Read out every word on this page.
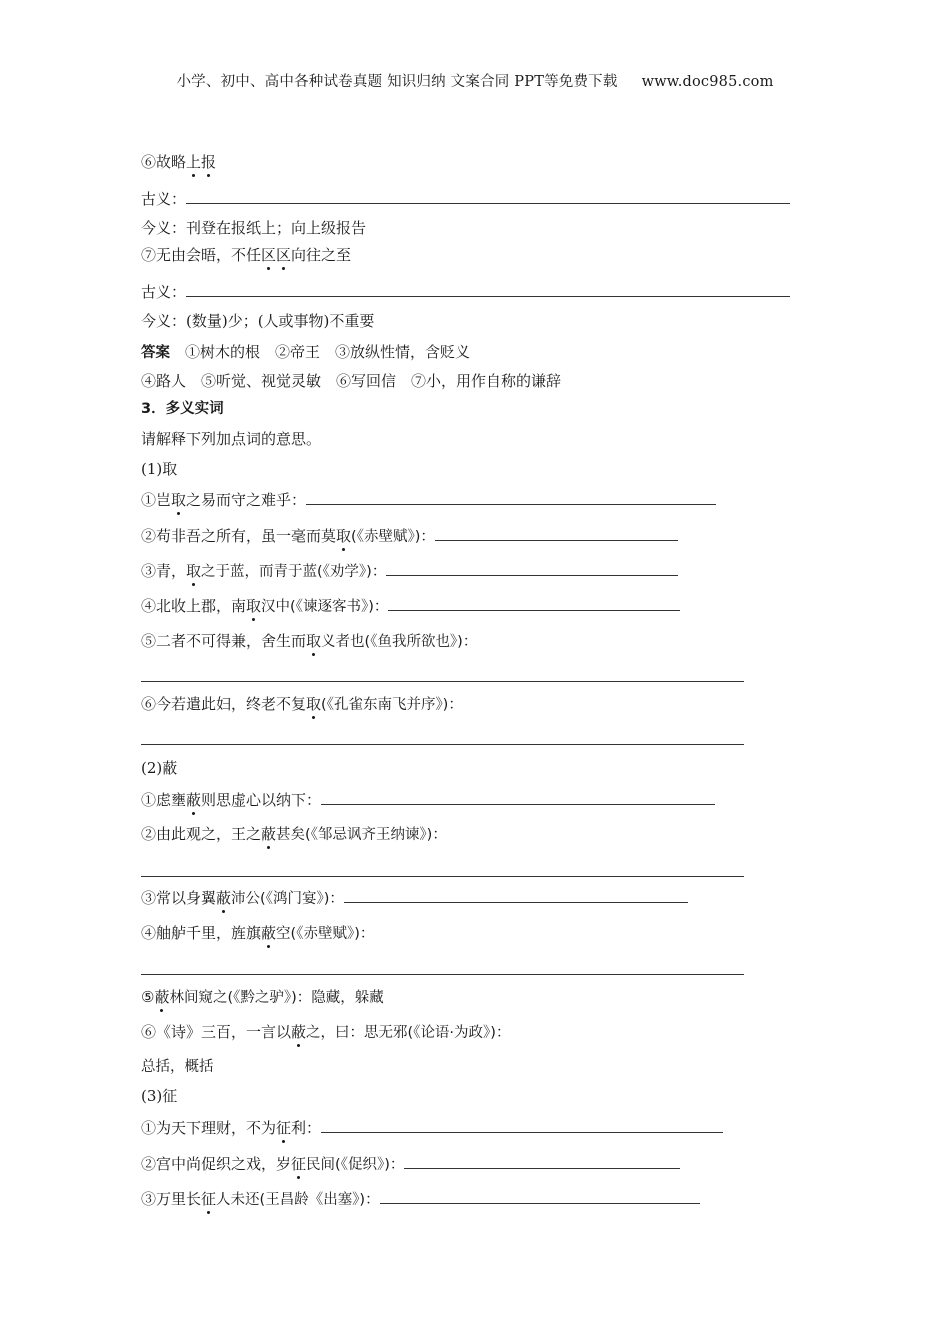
小学、初中、高中各种试卷真题 知识归纳 文案合同 PPT等免费下载 www.doc985.com
⑥故略上报
古义：
今义：刊登在报纸上；向上级报告
⑦无由会晤，不任区区向往之至
古义：
今义：(数量)少；(人或事物)不重要
答案　 ①树木的根　②帝王　③放纵性情，含贬义
④路人　⑤听觉、视觉灵敏　⑥写回信　⑦小，用作自称的谦辞
3．多义实词
请解释下列加点词的意思。
(1)取
①岂取之易而守之难乎：
②苟非吾之所有，虽一毫而莫取(《赤壁赋》)：
③青，取之于蓝，而青于蓝(《劝学》)：
④北收上郡，南取汉中(《谏逐客书》)：
⑤二者不可得兼，舍生而取义者也(《鱼我所欲也》)：
⑥今若遣此妇，终老不复取(《孔雀东南飞并序》)：
(2)蔽
①虑壅蔽则思虚心以纳下：
②由此观之，王之蔽甚矣(《邹忌讽齐王纳谏》)：
③常以身翼蔽沛公(《鸿门宴》)：
④舳舻千里，旌旗蔽空(《赤壁赋》)：
⑤蔽林间窥之(《黔之驴》)：隐藏，躲藏
⑥《诗》三百，一言以蔽之，曰：思无邪(《论语·为政》)：
总括，概括
(3)征
①为天下理财，不为征利：
②宫中尚促织之戏，岁征民间(《促织》)：
③万里长征人未还(王昌龄《出塞》)：
